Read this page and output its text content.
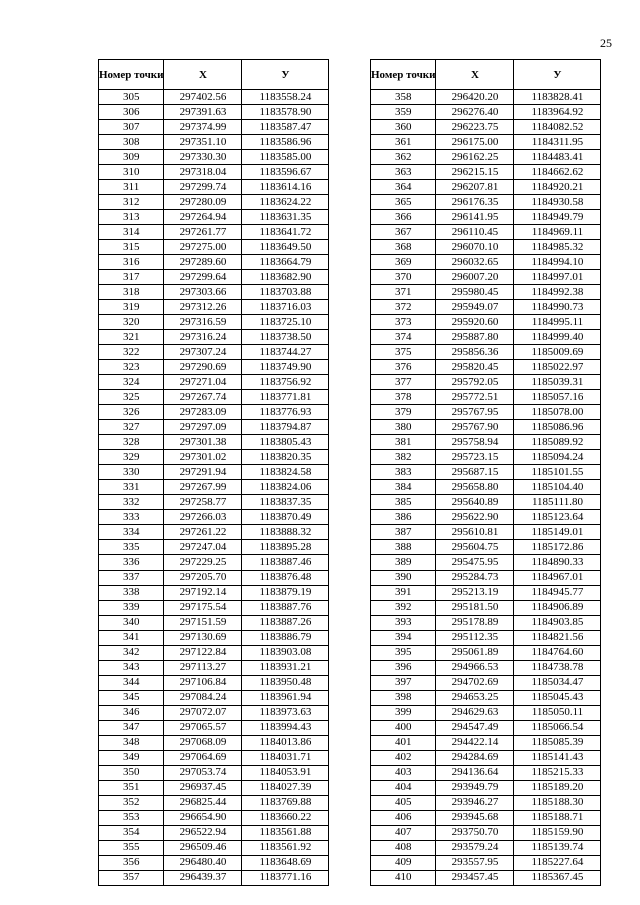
25
Номер точки	X	У
305	297402.56	1183558.24
306	297391.63	1183578.90
307	297374.99	1183587.47
308	297351.10	1183586.96
309	297330.30	1183585.00
310	297318.04	1183596.67
311	297299.74	1183614.16
312	297280.09	1183624.22
313	297264.94	1183631.35
314	297261.77	1183641.72
315	297275.00	1183649.50
316	297289.60	1183664.79
317	297299.64	1183682.90
318	297303.66	1183703.88
319	297312.26	1183716.03
320	297316.59	1183725.10
321	297316.24	1183738.50
322	297307.24	1183744.27
323	297290.69	1183749.90
324	297271.04	1183756.92
325	297267.74	1183771.81
326	297283.09	1183776.93
327	297297.09	1183794.87
328	297301.38	1183805.43
329	297301.02	1183820.35
330	297291.94	1183824.58
331	297267.99	1183824.06
332	297258.77	1183837.35
333	297266.03	1183870.49
334	297261.22	1183888.32
335	297247.04	1183895.28
336	297229.25	1183887.46
337	297205.70	1183876.48
338	297192.14	1183879.19
339	297175.54	1183887.76
340	297151.59	1183887.26
341	297130.69	1183886.79
342	297122.84	1183903.08
343	297113.27	1183931.21
344	297106.84	1183950.48
345	297084.24	1183961.94
346	297072.07	1183973.63
347	297065.57	1183994.43
348	297068.09	1184013.86
349	297064.69	1184031.71
350	297053.74	1184053.91
351	296937.45	1184027.39
352	296825.44	1183769.88
353	296654.90	1183660.22
354	296522.94	1183561.88
355	296509.46	1183561.92
356	296480.40	1183648.69
357	296439.37	1183771.16
Номер точки	X	У
358	296420.20	1183828.41
359	296276.40	1183964.92
360	296223.75	1184082.52
361	296175.00	1184311.95
362	296162.25	1184483.41
363	296215.15	1184662.62
364	296207.81	1184920.21
365	296176.35	1184930.58
366	296141.95	1184949.79
367	296110.45	1184969.11
368	296070.10	1184985.32
369	296032.65	1184994.10
370	296007.20	1184997.01
371	295980.45	1184992.38
372	295949.07	1184990.73
373	295920.60	1184995.11
374	295887.80	1184999.40
375	295856.36	1185009.69
376	295820.45	1185022.97
377	295792.05	1185039.31
378	295772.51	1185057.16
379	295767.95	1185078.00
380	295767.90	1185086.96
381	295758.94	1185089.92
382	295723.15	1185094.24
383	295687.15	1185101.55
384	295658.80	1185104.40
385	295640.89	1185111.80
386	295622.90	1185123.64
387	295610.81	1185149.01
388	295604.75	1185172.86
389	295475.95	1184890.33
390	295284.73	1184967.01
391	295213.19	1184945.77
392	295181.50	1184906.89
393	295178.89	1184903.85
394	295112.35	1184821.56
395	295061.89	1184764.60
396	294966.53	1184738.78
397	294702.69	1185034.47
398	294653.25	1185045.43
399	294629.63	1185050.11
400	294547.49	1185066.54
401	294422.14	1185085.39
402	294284.69	1185141.43
403	294136.64	1185215.33
404	293949.79	1185189.20
405	293946.27	1185188.30
406	293945.68	1185188.71
407	293750.70	1185159.90
408	293579.24	1185139.74
409	293557.95	1185227.64
410	293457.45	1185367.45
